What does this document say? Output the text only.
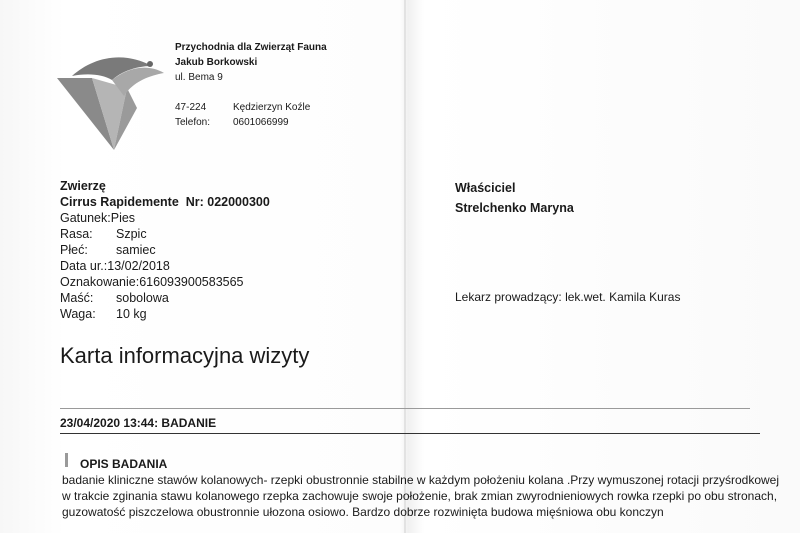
Przychodnia dla Zwierząt Fauna
Jakub Borkowski
ul. Bema 9
47-224	Kędzierzyn Koźle
Telefon:	0601066999
Zwierzę
Cirrus Rapidemente  Nr: 022000300
Gatunek: Pies
Rasa:	Szpic
Płeć:	samiec
Data ur.: 13/02/2018
Oznakowanie: 616093900583565
Maść:	sobolowa
Waga:	10 kg
Właściciel
Strelchenko Maryna
Lekarz prowadzący: lek.wet. Kamila Kuras
Karta informacyjna wizyty
23/04/2020 13:44: BADANIE
OPIS BADANIA
badanie kliniczne stawów kolanowych- rzepki obustronnie stabilne w każdym położeniu kolana .Przy wymuszonej rotacji przyśrodkowej w trakcie zginania stawu kolanowego rzepka zachowuje swoje położenie, brak zmian zwyrodnieniowych rowka rzepki po obu stronach, guzowatość piszczelowa obustronnie ułozona osiowo. Bardzo dobrze rozwinięta budowa mięśniowa obu konczyn
